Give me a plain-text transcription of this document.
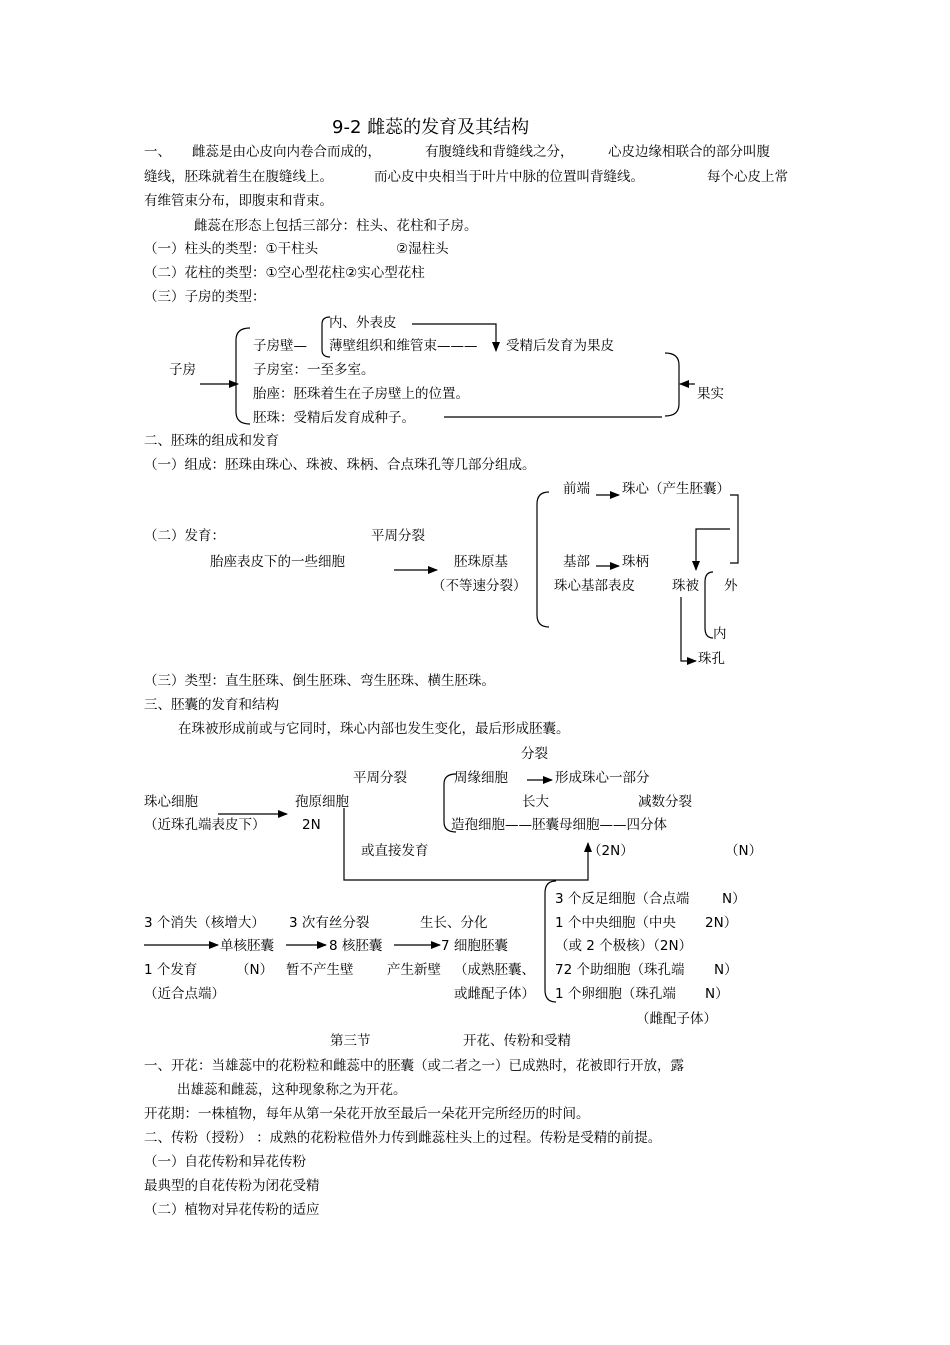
9-2 雌蕊的发育及其结构
一、 雌蕊是由心皮向内卷合而成的，	有腹缝线和背缝线之分，	心皮边缘相联合的部分叫腹
缝线，胚珠就着生在腹缝线上。	而心皮中央相当于叶片中脉的位置叫背缝线。	每个心皮上常
有维管束分布，即腹束和背束。
雌蕊在形态上包括三部分：柱头、花柱和子房。
（一）柱头的类型：①干柱头	②湿柱头
（二）花柱的类型：①空心型花柱②实心型花柱
（三）子房的类型：
子房
子房壁—
内、外表皮
薄壁组织和维管束——— 受精后发育为果皮
子房室：一至多室。
胎座：胚珠着生在子房壁上的位置。
胚珠：受精后发育成种子。
果实
二、胚珠的组成和发育
（一）组成：胚珠由珠心、珠被、珠柄、合点珠孔等几部分组成。
（二）发育：	平周分裂
胎座表皮下的一些细胞	胚珠原基
（不等速分裂）
前端 珠心（产生胚囊）
基部 珠柄
珠心基部表皮	珠被 外
内
珠孔
（三）类型：直生胚珠、倒生胚珠、弯生胚珠、横生胚珠。
三、胚囊的发育和结构
在珠被形成前或与它同时，珠心内部也发生变化，最后形成胚囊。
分裂
平周分裂	周缘细胞	形成珠心一部分
珠心细胞
（近珠孔端表皮下）
孢原细胞
2N
长大	减数分裂
造孢细胞——胚囊母细胞——四分体
或直接发育	（2N）	（N）
3 个反足细胞（合点端 N）
1 个中央细胞（中央 2N）
（或 2 个极核）（2N）
72 个助细胞（珠孔端 N）
1 个卵细胞（珠孔端 N）
（雌配子体）
3 个消失（核增大） 3 次有丝分裂	生长、分化
单核胚囊	8 核胚囊	7 细胞胚囊
1 个发育	（N） 暂不产生壁 产生新壁 （成熟胚囊、
或雌配子体）
（近合点端）
第三节	开花、传粉和受精
一、开花：当雄蕊中的花粉粒和雌蕊中的胚囊（或二者之一）已成熟时，花被即行开放，露
出雄蕊和雌蕊，这种现象称之为开花。
开花期：一株植物，每年从第一朵花开放至最后一朵花开完所经历的时间。
二、传粉（授粉） ：成熟的花粉粒借外力传到雌蕊柱头上的过程。传粉是受精的前提。
（一）自花传粉和异花传粉
最典型的自花传粉为闭花受精
（二）植物对异花传粉的适应
